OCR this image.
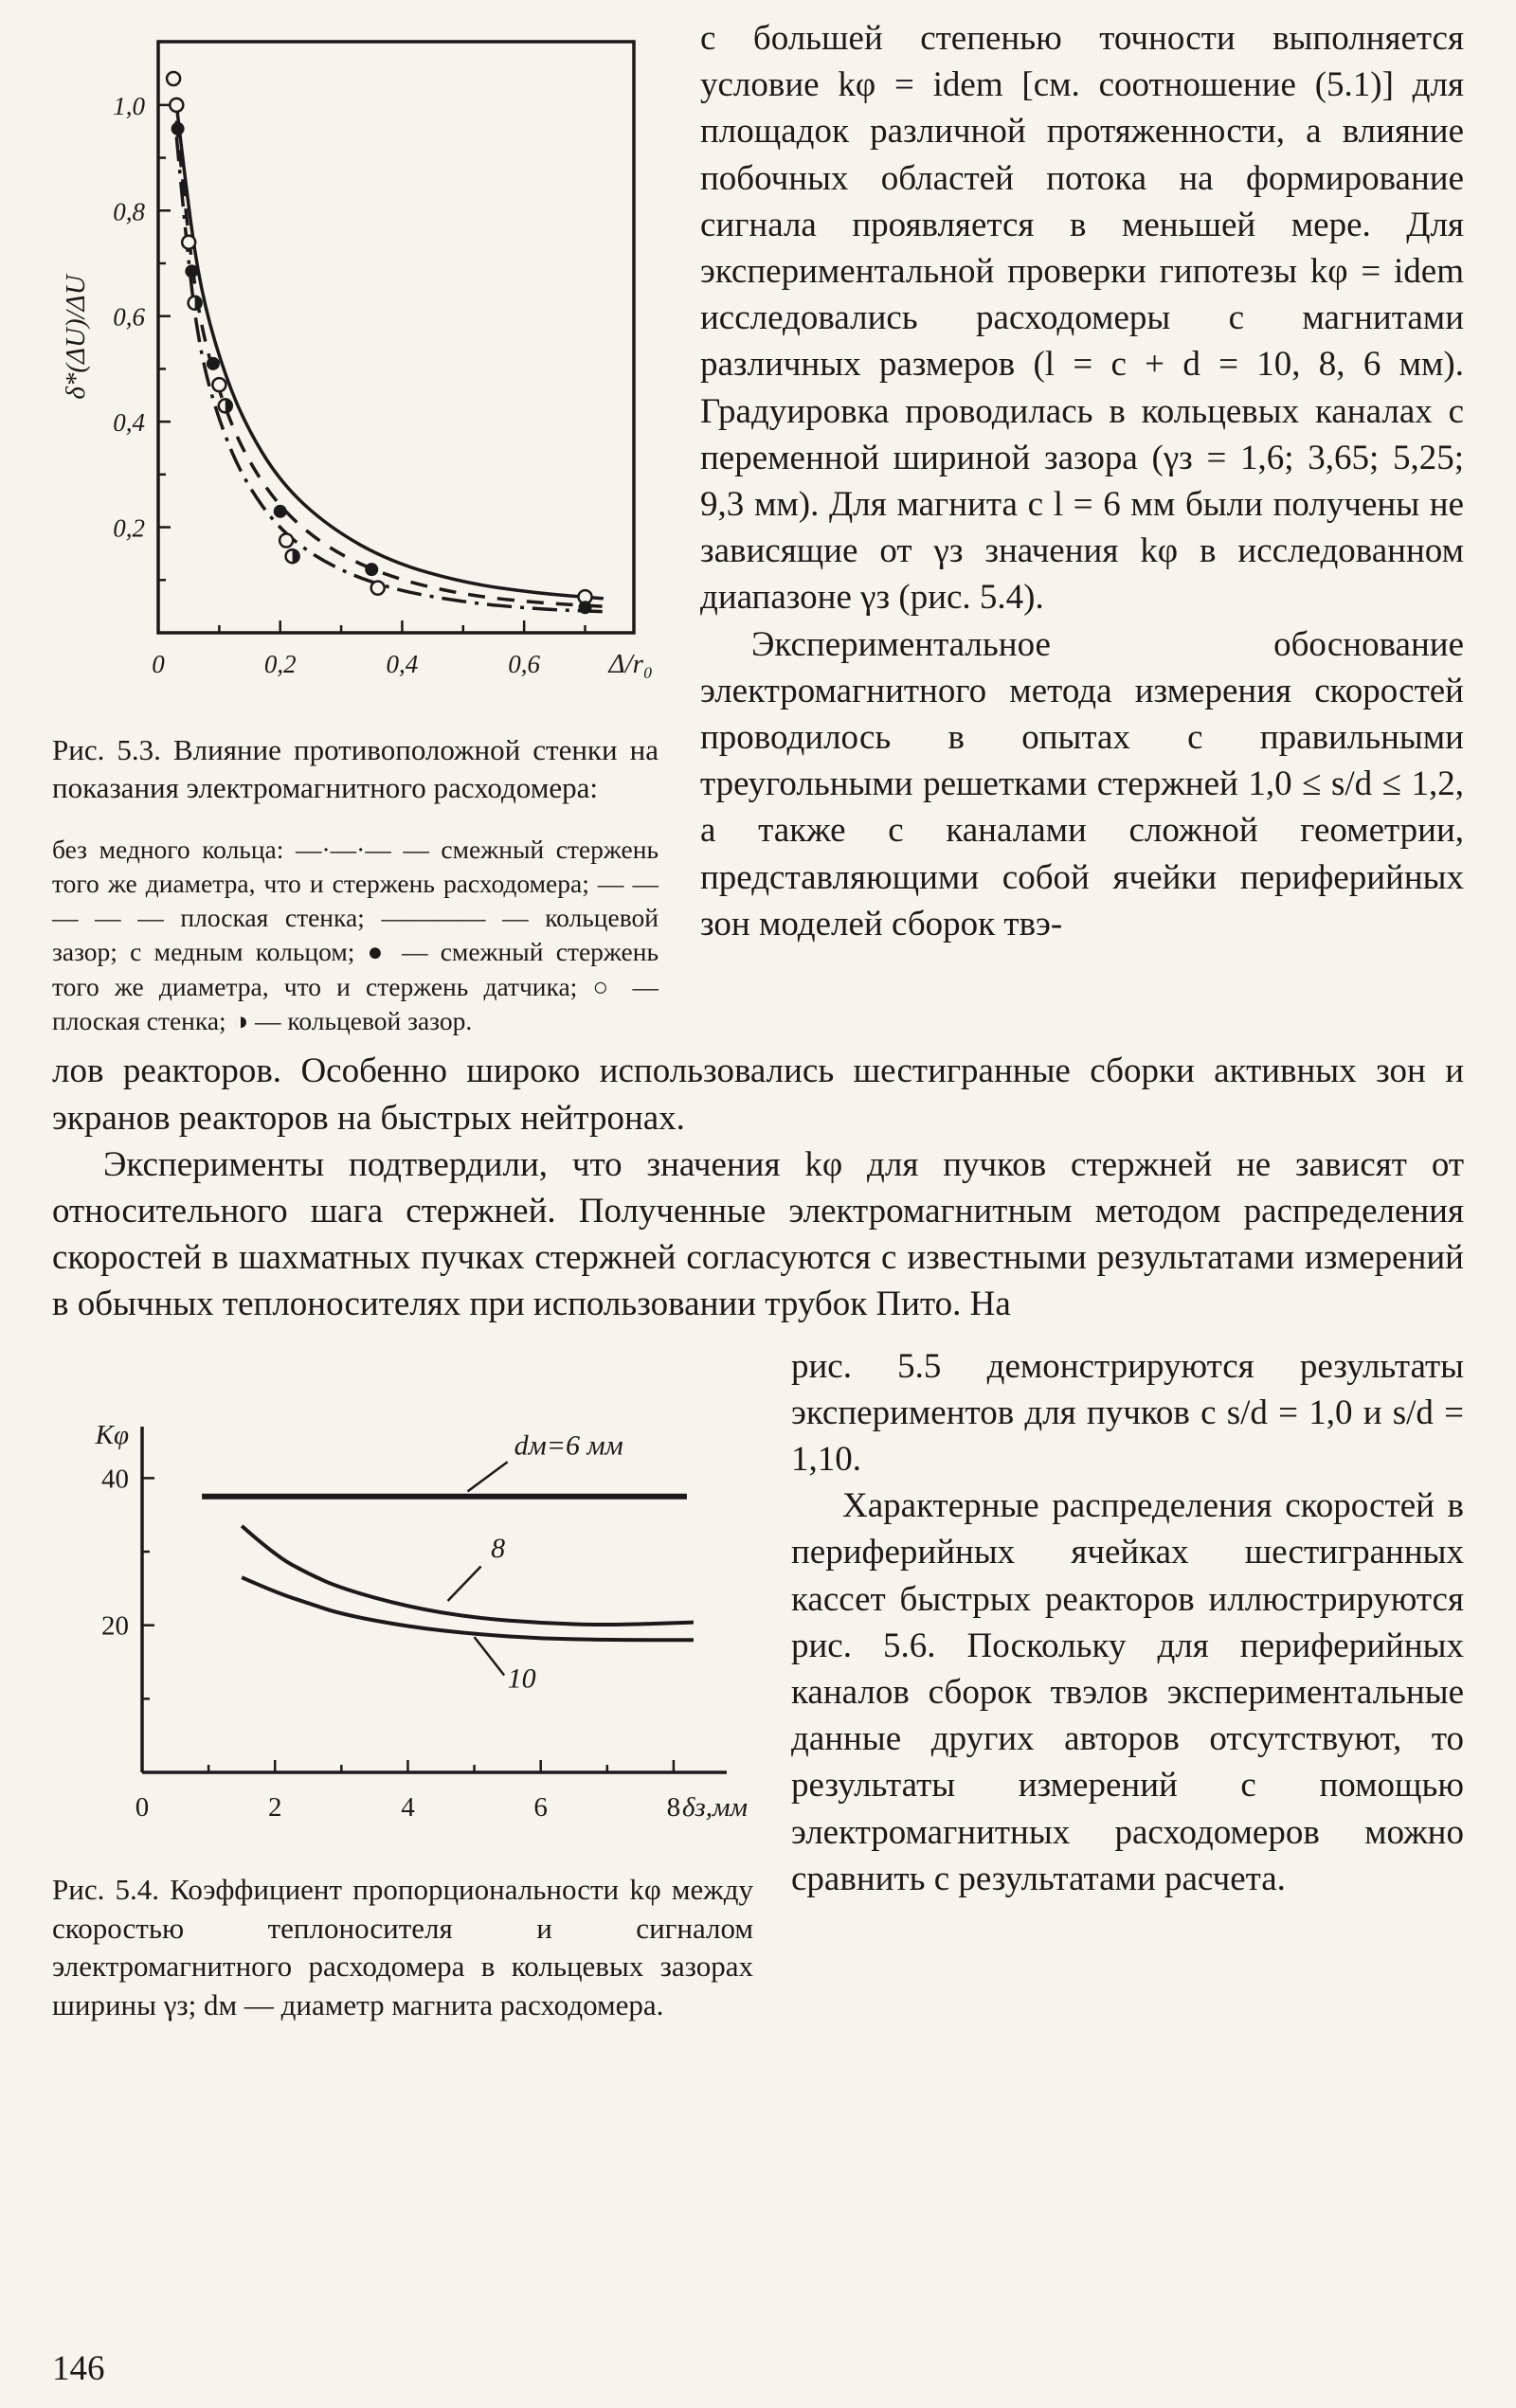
0	0,2	0,4	0,6
0,2
0,4
0,6
0,8
1,0
δ*(ΔU)/ΔU
Δ/r₀

Рис. 5.3. Влияние противоположной стенки на показания электромагнитного расходомера:

без медного кольца: —·—·— — смежный стержень того же диаметра, что и стержень расходомера; — — — — — плоская стенка; ———— — кольцевой зазор; с медным кольцом; ● — смежный стержень того же диаметра, что и стержень датчика; ○ — плоская стенка; ◑ — кольцевой зазор.

с большей степенью точности выполняется условие kφ = idem [см. соотношение (5.1)] для площадок различной протяженности, а влияние побочных областей потока на формирование сигнала проявляется в меньшей мере. Для экспериментальной проверки гипотезы kφ = idem исследовались расходомеры с магнитами различных размеров (l = c + d = 10, 8, 6 мм). Градуировка проводилась в кольцевых каналах с переменной шириной зазора (γз = 1,6; 3,65; 5,25; 9,3 мм). Для магнита с l = 6 мм были получены не зависящие от γз значения kφ в исследованном диапазоне γз (рис. 5.4).

Экспериментальное обоснование электромагнитного метода измерения скоростей проводилось в опытах с правильными треугольными решетками стержней 1,0 ≤ s/d ≤ 1,2, а также с каналами сложной геометрии, представляющими собой ячейки периферийных зон моделей сборок твэ-

лов реакторов. Особенно широко использовались шестигранные сборки активных зон и экранов реакторов на быстрых нейтронах.

Эксперименты подтвердили, что значения kφ для пучков стержней не зависят от относительного шага стержней. Полученные электромагнитным методом распределения скоростей в шахматных пучках стержней согласуются с известными результатами измерений в обычных теплоносителях при использовании трубок Пито. На

0	2	4	6	8
20
40
dм=6 мм
8
10
Kφ
δз,мм

Рис. 5.4. Коэффициент пропорциональности kφ между скоростью теплоносителя и сигналом электромагнитного расходомера в кольцевых зазорах ширины γз; dм — диаметр магнита расходомера.

рис. 5.5 демонстрируются результаты экспериментов для пучков с s/d = 1,0 и s/d = 1,10.

Характерные распределения скоростей в периферийных ячейках шестигранных кассет быстрых реакторов иллюстрируются рис. 5.6. Поскольку для периферийных каналов сборок твэлов экспериментальные данные других авторов отсутствуют, то результаты измерений с помощью электромагнитных расходомеров можно сравнить с результатами расчета.

146
